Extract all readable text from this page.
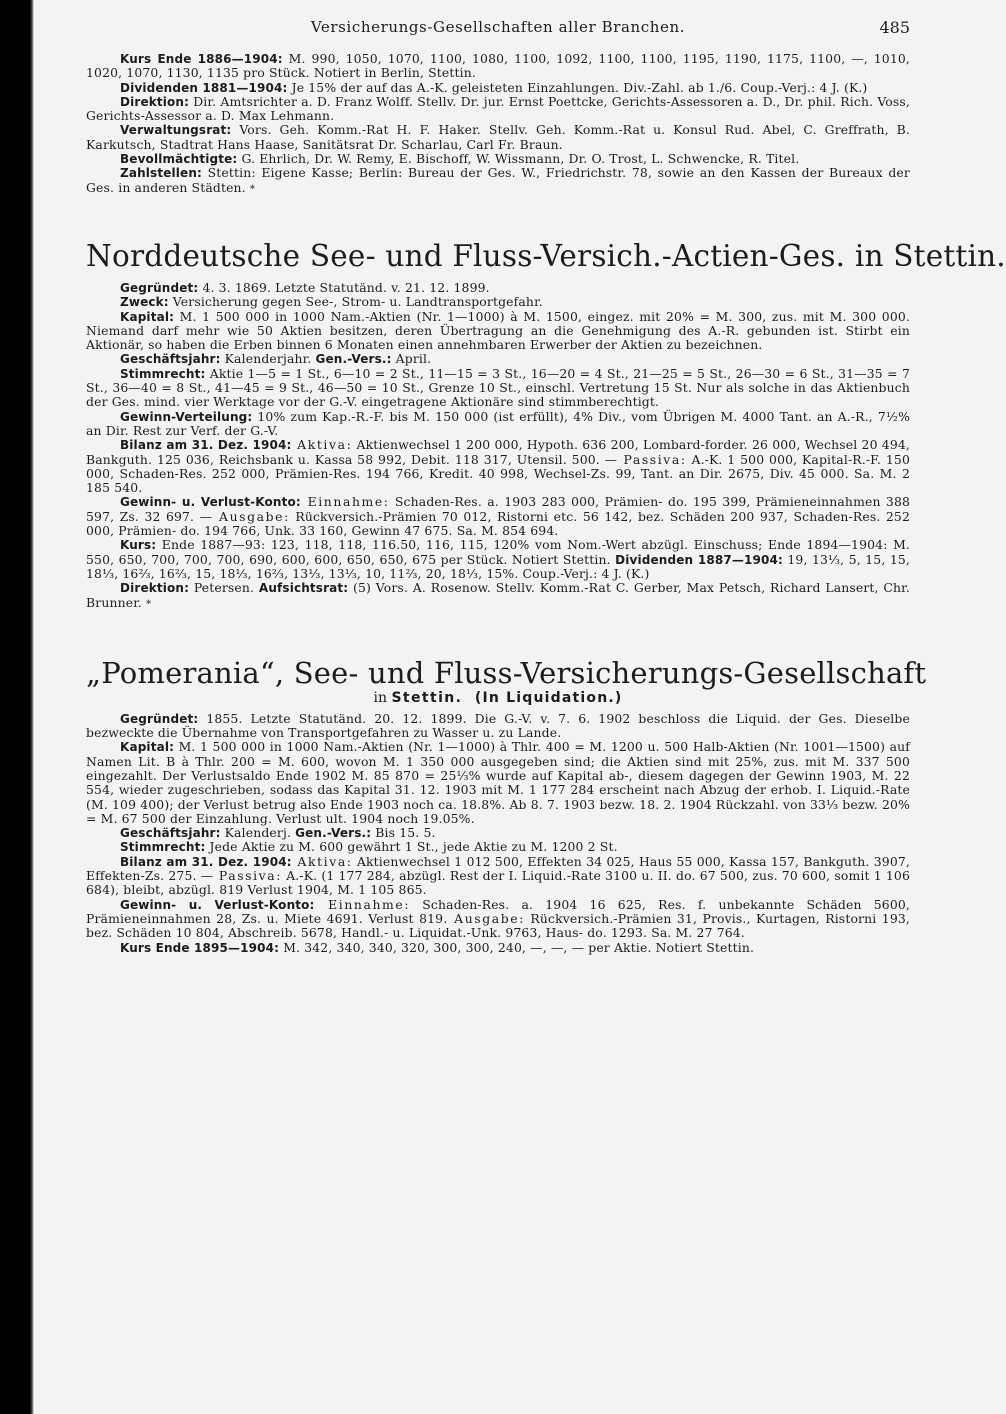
Versicherungs-Gesellschaften aller Branchen.	485

Kurs Ende 1886—1904: M. 990, 1050, 1070, 1100, 1080, 1100, 1092, 1100, 1100, 1195, 1190, 1175, 1100, —, 1010, 1020, 1070, 1130, 1135 pro Stück. Notiert in Berlin, Stettin.

Dividenden 1881—1904: Je 15% der auf das A.-K. geleisteten Einzahlungen. Div.-Zahl. ab 1./6. Coup.-Verj.: 4 J. (K.)

Direktion: Dir. Amtsrichter a. D. Franz Wolff. Stellv. Dr. jur. Ernst Poettcke, Gerichts-Assessoren a. D., Dr. phil. Rich. Voss, Gerichts-Assessor a. D. Max Lehmann.

Verwaltungsrat: Vors. Geh. Komm.-Rat H. F. Haker. Stellv. Geh. Komm.-Rat u. Konsul Rud. Abel, C. Greffrath, B. Karkutsch, Stadtrat Hans Haase, Sanitätsrat Dr. Scharlau, Carl Fr. Braun.

Bevollmächtigte: G. Ehrlich, Dr. W. Remy, E. Bischoff, W. Wissmann, Dr. O. Trost, L. Schwencke, R. Titel.

Zahlstellen: Stettin: Eigene Kasse; Berlin: Bureau der Ges. W., Friedrichstr. 78, sowie an den Kassen der Bureaux der Ges. in anderen Städten. *

Norddeutsche See- und Fluss-Versich.-Actien-Ges. in Stettin.

Gegründet: 4. 3. 1869. Letzte Statutänd. v. 21. 12. 1899.

Zweck: Versicherung gegen See-, Strom- u. Landtransportgefahr.

Kapital: M. 1 500 000 in 1000 Nam.-Aktien (Nr. 1—1000) à M. 1500, eingez. mit 20% = M. 300, zus. mit M. 300 000. Niemand darf mehr wie 50 Aktien besitzen, deren Übertragung an die Genehmigung des A.-R. gebunden ist. Stirbt ein Aktionär, so haben die Erben binnen 6 Monaten einen annehmbaren Erwerber der Aktien zu bezeichnen.

Geschäftsjahr: Kalenderjahr. Gen.-Vers.: April.

Stimmrecht: Aktie 1—5 = 1 St., 6—10 = 2 St., 11—15 = 3 St., 16—20 = 4 St., 21—25 = 5 St., 26—30 = 6 St., 31—35 = 7 St., 36—40 = 8 St., 41—45 = 9 St., 46—50 = 10 St., Grenze 10 St., einschl. Vertretung 15 St. Nur als solche in das Aktienbuch der Ges. mind. vier Werktage vor der G.-V. eingetragene Aktionäre sind stimmberechtigt.

Gewinn-Verteilung: 10% zum Kap.-R.-F. bis M. 150 000 (ist erfüllt), 4% Div., vom Übrigen M. 4000 Tant. an A.-R., 7½% an Dir. Rest zur Verf. der G.-V.

Bilanz am 31. Dez. 1904: Aktiva: Aktienwechsel 1 200 000, Hypoth. 636 200, Lombard-forder. 26 000, Wechsel 20 494, Bankguth. 125 036, Reichsbank u. Kassa 58 992, Debit. 118 317, Utensil. 500. — Passiva: A.-K. 1 500 000, Kapital-R.-F. 150 000, Schaden-Res. 252 000, Prämien-Res. 194 766, Kredit. 40 998, Wechsel-Zs. 99, Tant. an Dir. 2675, Div. 45 000. Sa. M. 2 185 540.

Gewinn- u. Verlust-Konto: Einnahme: Schaden-Res. a. 1903 283 000, Prämien- do. 195 399, Prämieneinnahmen 388 597, Zs. 32 697. — Ausgabe: Rückversich.-Prämien 70 012, Ristorni etc. 56 142, bez. Schäden 200 937, Schaden-Res. 252 000, Prämien- do. 194 766, Unk. 33 160, Gewinn 47 675. Sa. M. 854 694.

Kurs: Ende 1887—93: 123, 118, 118, 116.50, 116, 115, 120% vom Nom.-Wert abzügl. Einschuss; Ende 1894—1904: M. 550, 650, 700, 700, 700, 690, 600, 600, 650, 650, 675 per Stück. Notiert Stettin. Dividenden 1887—1904: 19, 13⅓, 5, 15, 15, 18⅓, 16⅔, 16⅔, 15, 18⅓, 16⅔, 13⅓, 13⅓, 10, 11⅔, 20, 18⅓, 15%. Coup.-Verj.: 4 J. (K.)

Direktion: Petersen. Aufsichtsrat: (5) Vors. A. Rosenow. Stellv. Komm.-Rat C. Gerber, Max Petsch, Richard Lansert, Chr. Brunner. *

„Pomerania“, See- und Fluss-Versicherungs-Gesellschaft
in Stettin. (In Liquidation.)

Gegründet: 1855. Letzte Statutänd. 20. 12. 1899. Die G.-V. v. 7. 6. 1902 beschloss die Liquid. der Ges. Dieselbe bezweckte die Übernahme von Transportgefahren zu Wasser u. zu Lande.

Kapital: M. 1 500 000 in 1000 Nam.-Aktien (Nr. 1—1000) à Thlr. 400 = M. 1200 u. 500 Halb-Aktien (Nr. 1001—1500) auf Namen Lit. B à Thlr. 200 = M. 600, wovon M. 1 350 000 ausgegeben sind; die Aktien sind mit 25%, zus. mit M. 337 500 eingezahlt. Der Verlustsaldo Ende 1902 M. 85 870 = 25⅓% wurde auf Kapital ab-, diesem dagegen der Gewinn 1903, M. 22 554, wieder zugeschrieben, sodass das Kapital 31. 12. 1903 mit M. 1 177 284 erscheint nach Abzug der erhob. I. Liquid.-Rate (M. 109 400); der Verlust betrug also Ende 1903 noch ca. 18.8%. Ab 8. 7. 1903 bezw. 18. 2. 1904 Rückzahl. von 33⅓ bezw. 20% = M. 67 500 der Einzahlung. Verlust ult. 1904 noch 19.05%.

Geschäftsjahr: Kalenderj. Gen.-Vers.: Bis 15. 5.

Stimmrecht: Jede Aktie zu M. 600 gewährt 1 St., jede Aktie zu M. 1200 2 St.

Bilanz am 31. Dez. 1904: Aktiva: Aktienwechsel 1 012 500, Effekten 34 025, Haus 55 000, Kassa 157, Bankguth. 3907, Effekten-Zs. 275. — Passiva: A.-K. (1 177 284, abzügl. Rest der I. Liquid.-Rate 3100 u. II. do. 67 500, zus. 70 600, somit 1 106 684), bleibt, abzügl. 819 Verlust 1904, M. 1 105 865.

Gewinn- u. Verlust-Konto: Einnahme: Schaden-Res. a. 1904 16 625, Res. f. unbekannte Schäden 5600, Prämieneinnahmen 28, Zs. u. Miete 4691. Verlust 819. Ausgabe: Rückversich.-Prämien 31, Provis., Kurtagen, Ristorni 193, bez. Schäden 10 804, Abschreib. 5678, Handl.- u. Liquidat.-Unk. 9763, Haus- do. 1293. Sa. M. 27 764.

Kurs Ende 1895—1904: M. 342, 340, 340, 320, 300, 300, 240, —, —, — per Aktie. Notiert Stettin.
